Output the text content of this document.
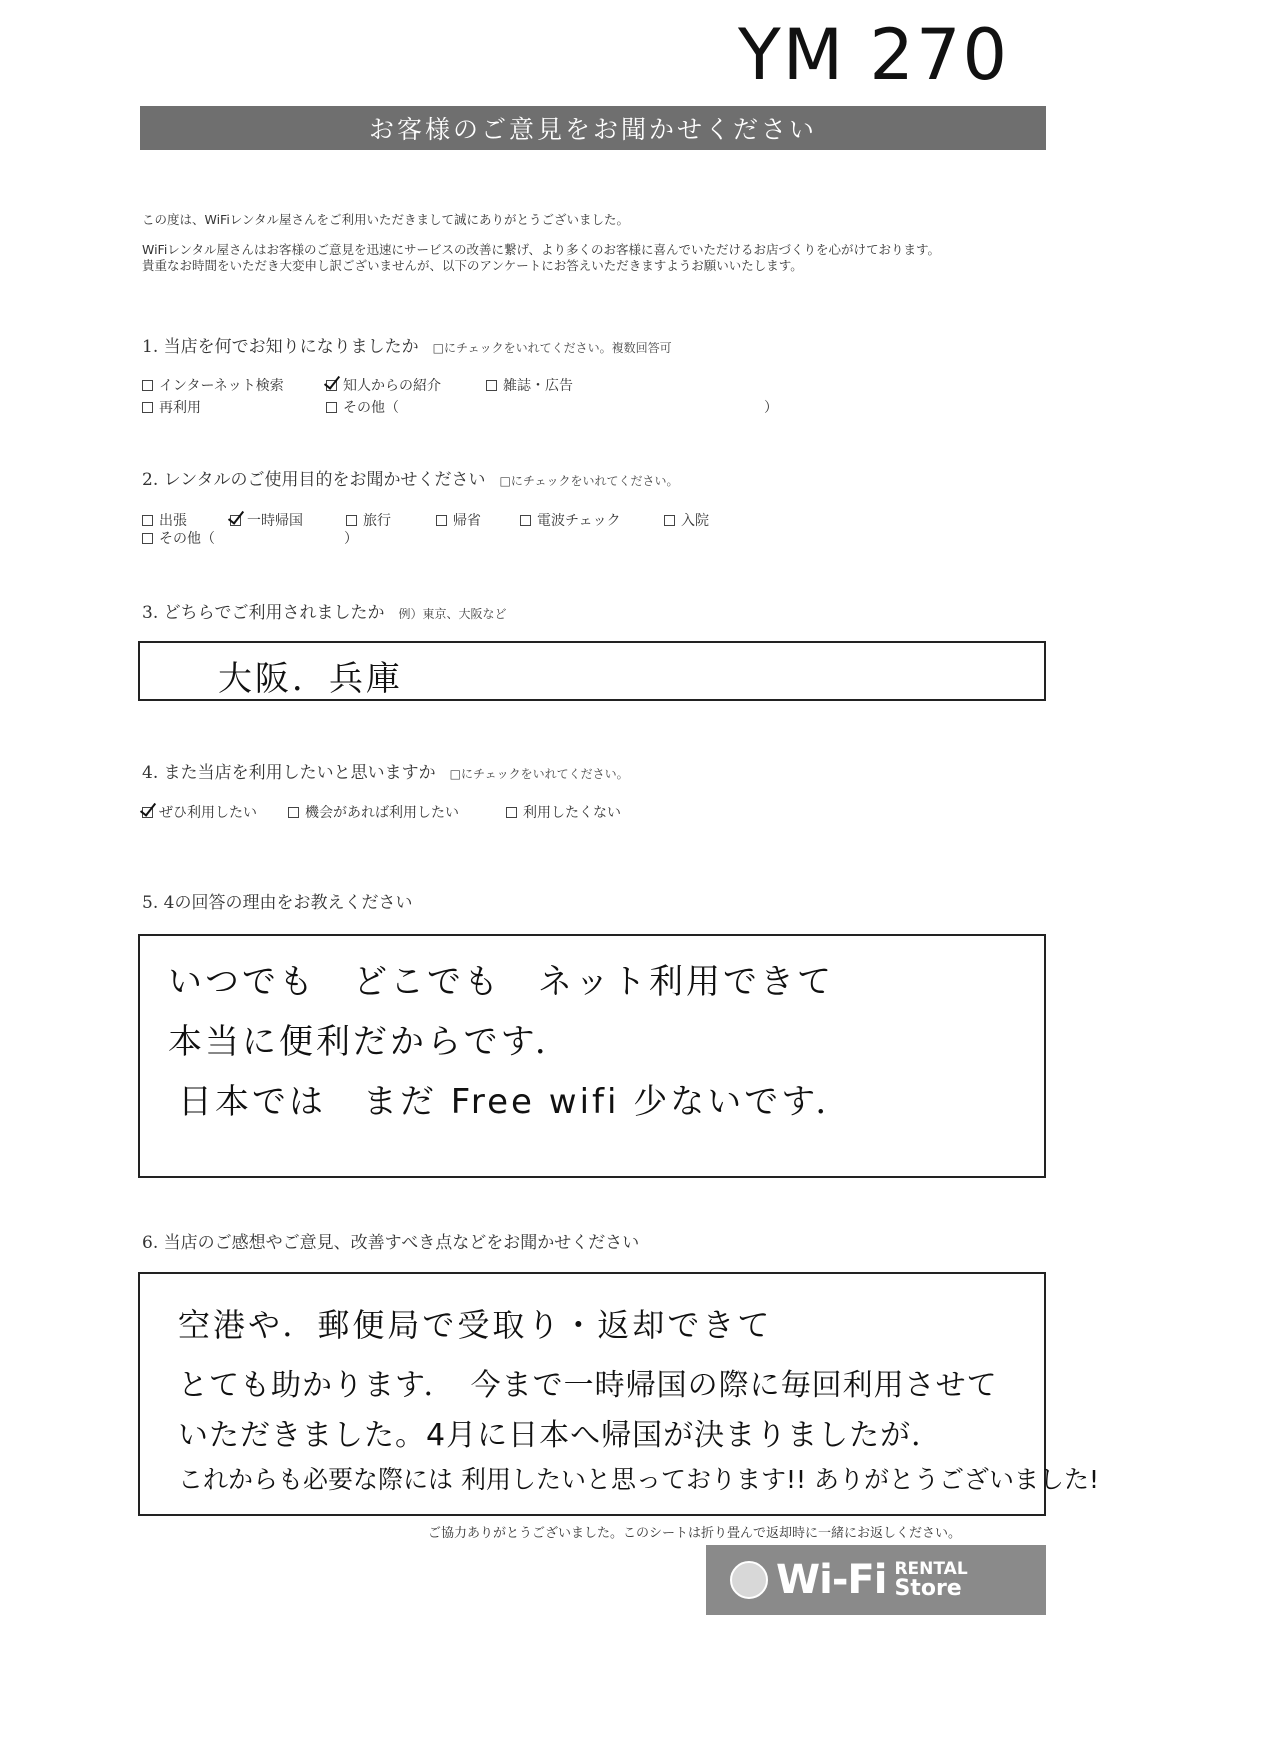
YM 270
お客様のご意見をお聞かせください
この度は、WiFiレンタル屋さんをご利用いただきまして誠にありがとうございました。
WiFiレンタル屋さんはお客様のご意見を迅速にサービスの改善に繋げ、より多くのお客様に喜んでいただけるお店づくりを心がけております。
貴重なお時間をいただき大変申し訳ございませんが、以下のアンケートにお答えいただきますようお願いいたします。
1. 当店を何でお知りになりましたか □にチェックをいれてください。複数回答可
インターネット検索	知人からの紹介	雑誌・広告
再利用	その他（	）
2. レンタルのご使用目的をお聞かせください □にチェックをいれてください。
出張	一時帰国	旅行	帰省	電波チェック	入院
その他（	）
3. どちらでご利用されましたか 例）東京、大阪など
大阪．兵庫
4. また当店を利用したいと思いますか □にチェックをいれてください。
ぜひ利用したい	機会があれば利用したい	利用したくない
5. 4の回答の理由をお教えください
いつでも　どこでも　ネット利用できて
本当に便利だからです．
日本では　まだ Free wifi 少ないです．
6. 当店のご感想やご意見、改善すべき点などをお聞かせください
空港や．郵便局で受取り・返却できて
とても助かります．　今まで一時帰国の際に毎回利用させて
いただきました。4月に日本へ帰国が決まりましたが．
これからも必要な際には 利用したいと思っております!! ありがとうございました!
ご協力ありがとうございました。このシートは折り畳んで返却時に一緒にお返しください。
Wi-Fi RENTAL
Store
